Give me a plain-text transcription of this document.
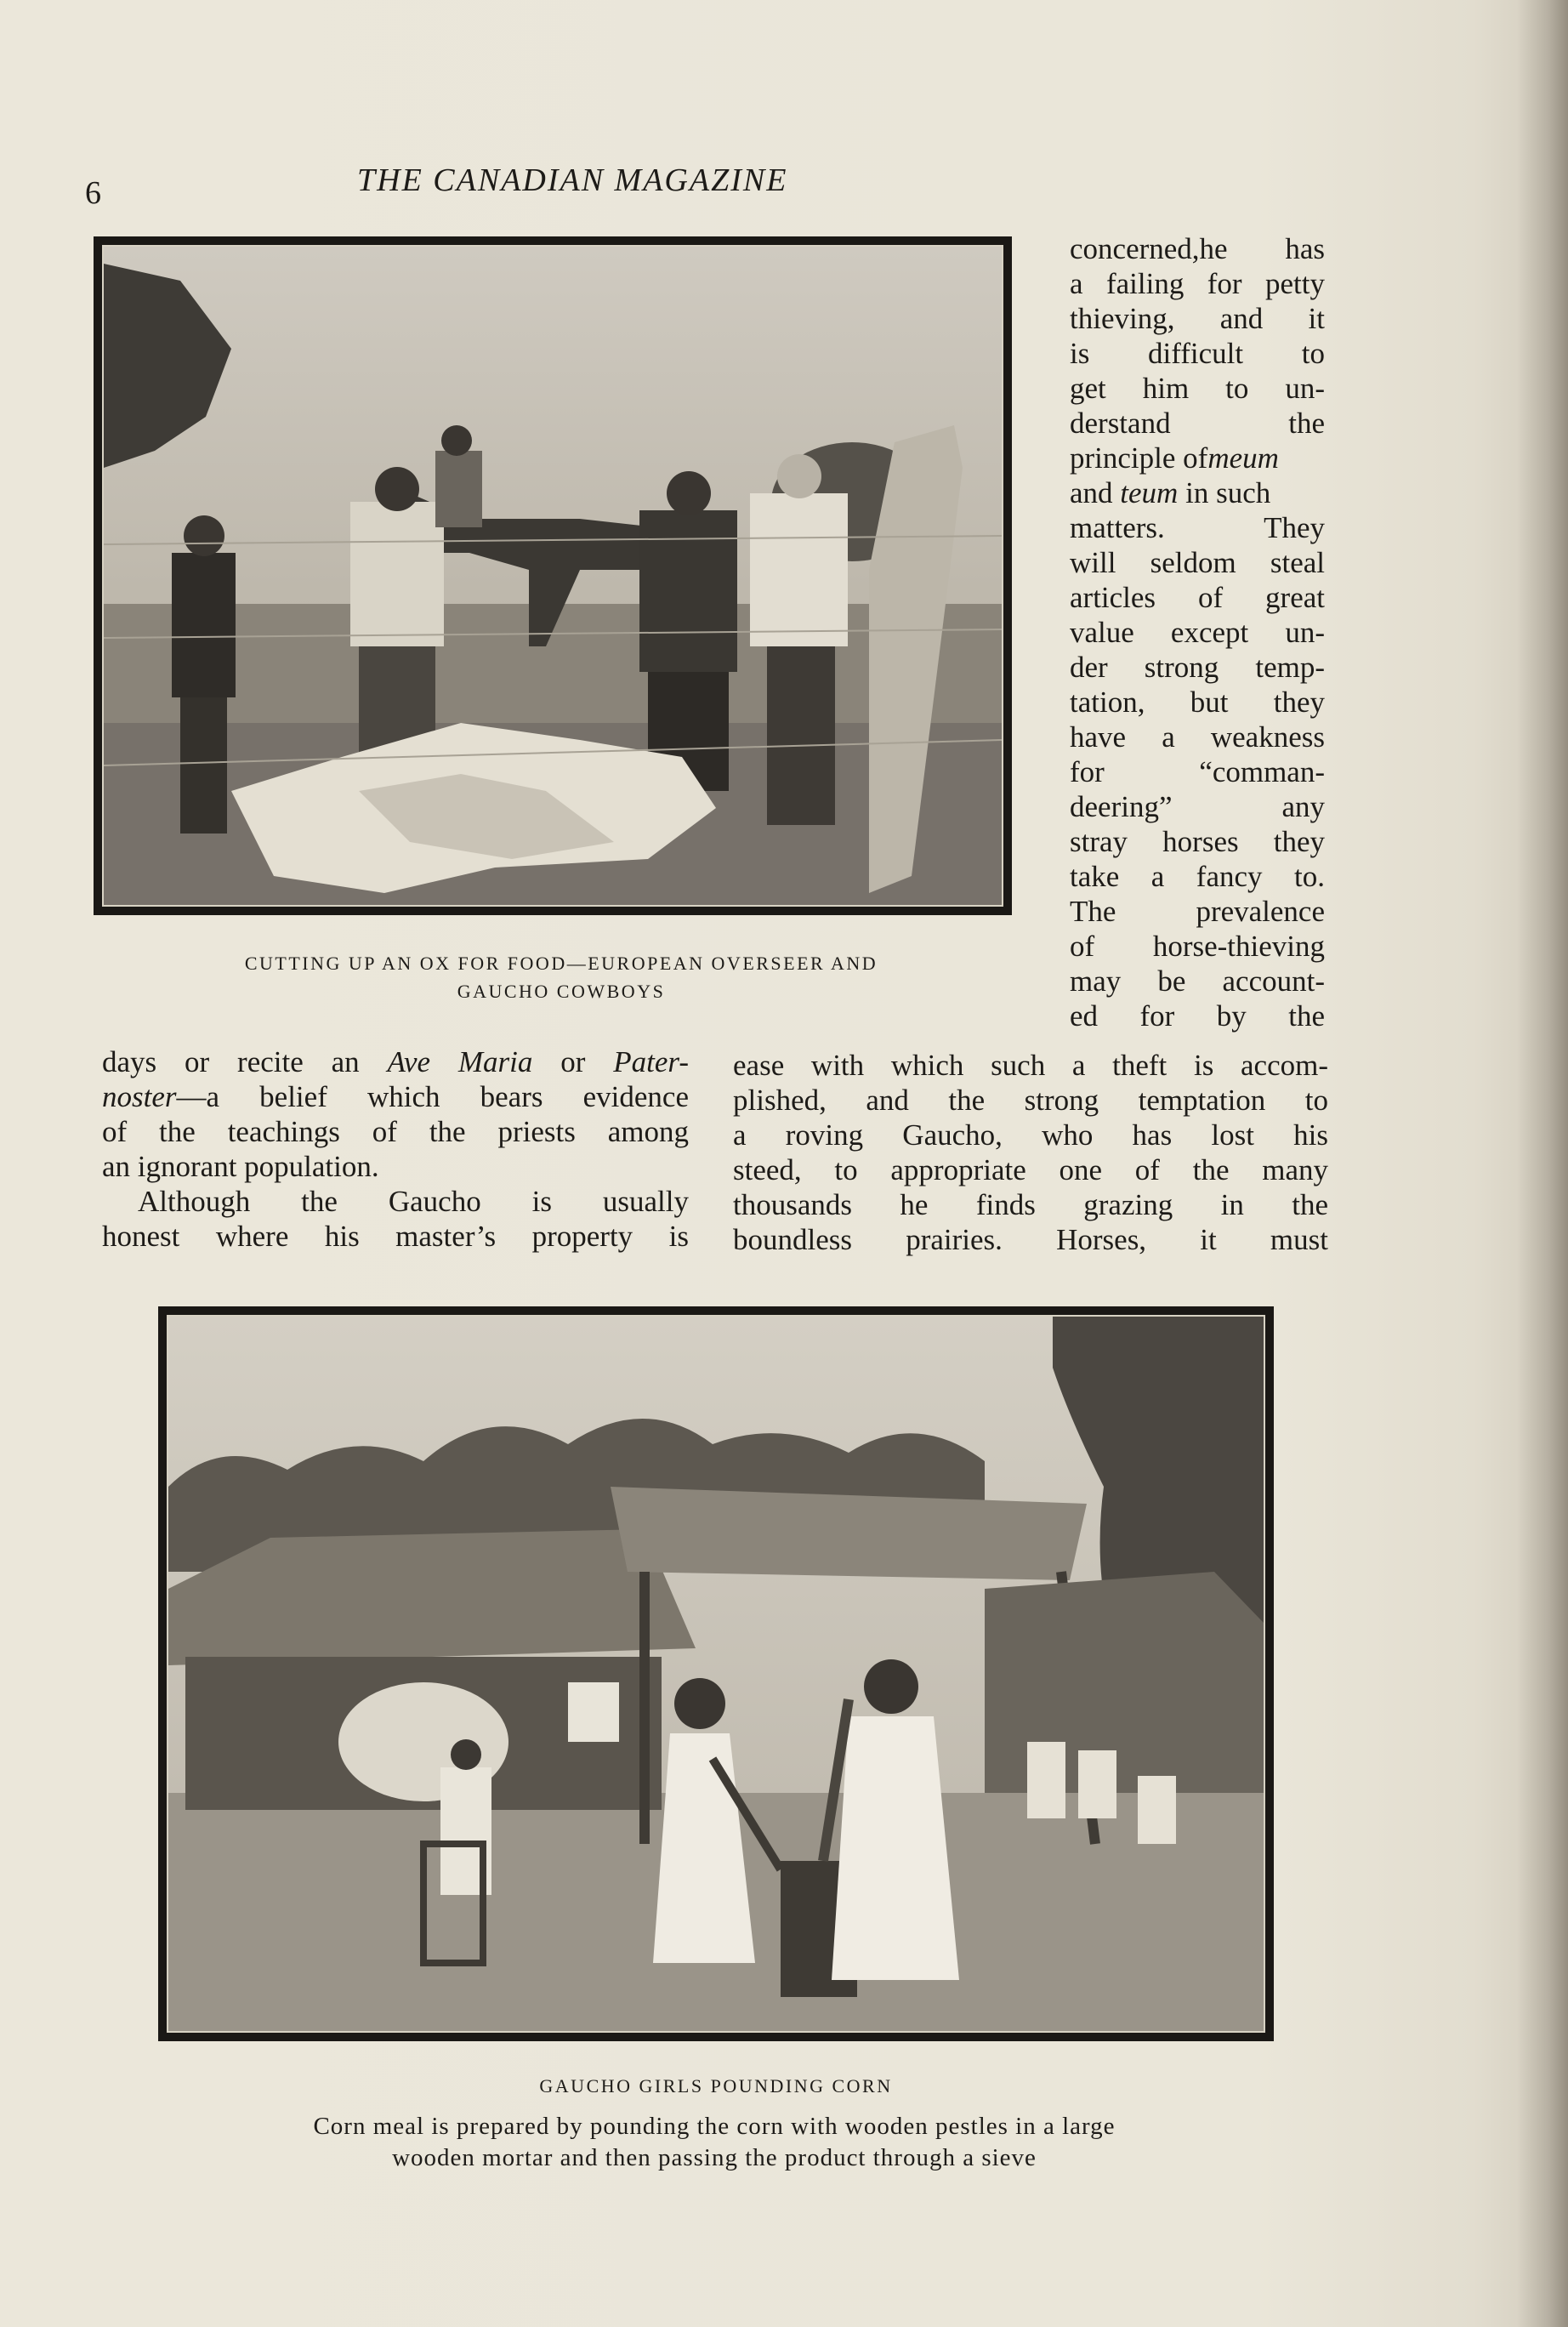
6	THE CANADIAN MAGAZINE
CUTTING UP AN OX FOR FOOD—EUROPEAN OVERSEER AND
GAUCHO COWBOYS
concerned,he has
a failing for petty
thieving, and it
is difficult to
get him to un-
derstand the
principle ofmeum
and teum in such
matters. They
will seldom steal
articles of great
value except un-
der strong temp-
tation, but they
have a weakness
for “comman-
deering” any
stray horses they
take a fancy to.
The prevalence
of horse-thieving
may be account-
ed for by the
days or recite an Ave Maria or Pater-
noster—a belief which bears evidence
of the teachings of the priests among
an ignorant population.
Although the Gaucho is usually
honest where his master’s property is
ease with which such a theft is accom-
plished, and the strong temptation to
a roving Gaucho, who has lost his
steed, to appropriate one of the many
thousands he finds grazing in the
boundless prairies. Horses, it must
GAUCHO GIRLS POUNDING CORN
Corn meal is prepared by pounding the corn with wooden pestles in a large
wooden mortar and then passing the product through a sieve
